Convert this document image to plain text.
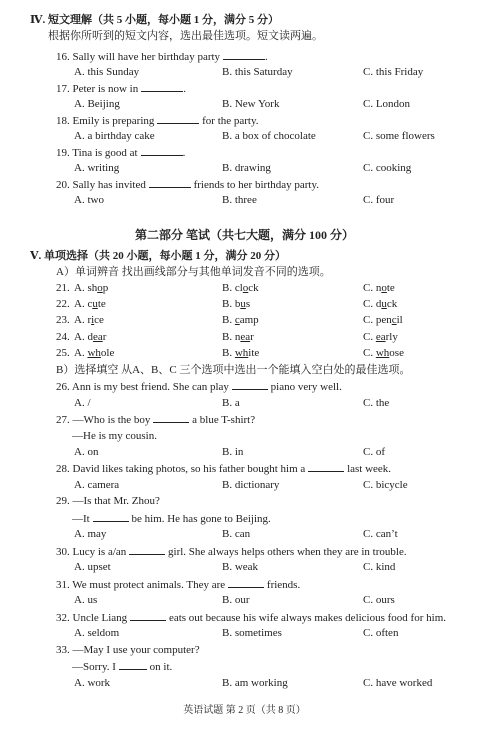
Ⅳ. 短文理解（共 5 小题，每小题 1 分，满分 5 分）
根据你所听到的短文内容，选出最佳选项。短文读两遍。
16. Sally will have her birthday party	.
A. this Sunday	B. this Saturday	C. this Friday
17. Peter is now in	.
A. Beijing	B. New York	C. London
18. Emily is preparing	for the party.
A. a birthday cake	B. a box of chocolate	C. some flowers
19. Tina is good at	.
A. writing	B. drawing	C. cooking
20. Sally has invited	friends to her birthday party.
A. two	B. three	C. four
第二部分 笔试（共七大题，满分 100 分）
Ⅴ. 单项选择（共 20 小题，每小题 1 分，满分 20 分）
A）单词辨音 找出画线部分与其他单词发音不同的选项。
21. A. shop	B. clock	C. note
22. A. cute	B. bus	C. duck
23. A. rice	B. camp	C. pencil
24. A. dear	B. near	C. early
25. A. whole	B. white	C. whose
B）选择填空 从A、B、C 三个选项中选出一个能填入空白处的最佳选项。
26. Ann is my best friend. She can play	piano very well.
A. /	B. a	C. the
27. —Who is the boy	a blue T-shirt?
—He is my cousin.
A. on	B. in	C. of
28. David likes taking photos, so his father bought him a	last week.
A. camera	B. dictionary	C. bicycle
29. —Is that Mr. Zhou?
—It	be him. He has gone to Beijing.
A. may	B. can	C. can’t
30. Lucy is a/an	girl. She always helps others when they are in trouble.
A. upset	B. weak	C. kind
31. We must protect animals. They are	friends.
A. us	B. our	C. ours
32. Uncle Liang	eats out because his wife always makes delicious food for him.
A. seldom	B. sometimes	C. often
33. —May I use your computer?
—Sorry. I	on it.
A. work	B. am working	C. have worked
英语试题 第 2 页（共 8 页）
